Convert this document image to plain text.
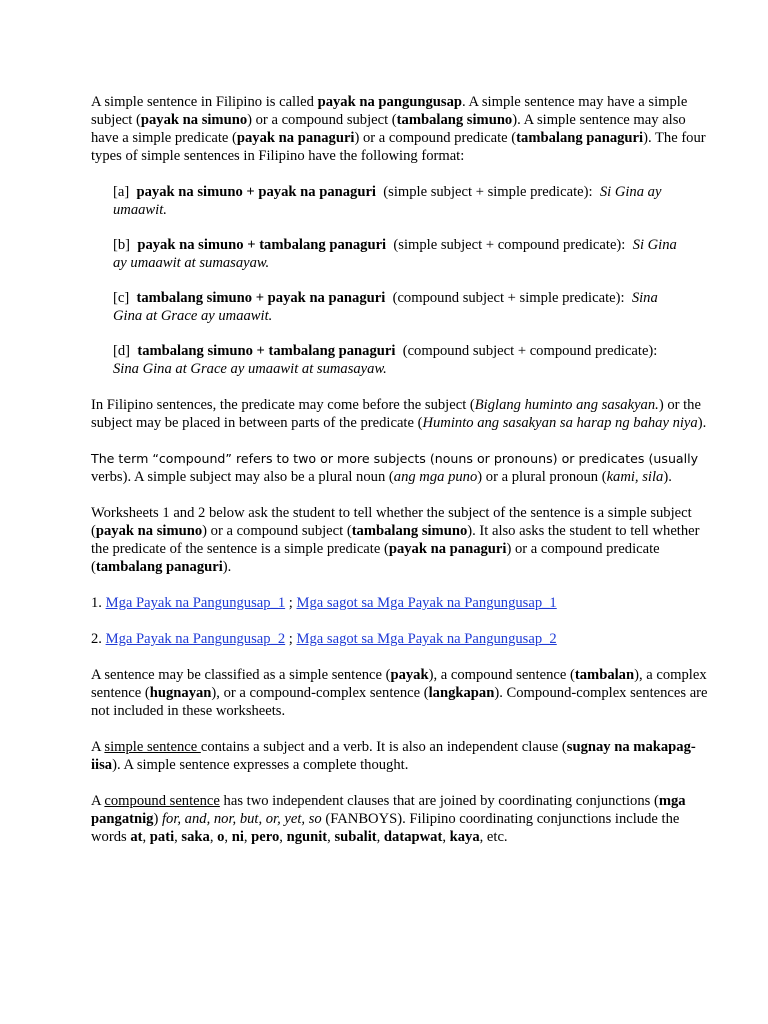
A simple sentence in Filipino is called payak na pangungusap. A simple sentence may have a simple subject (payak na simuno) or a compound subject (tambalang simuno). A simple sentence may also have a simple predicate (payak na panaguri) or a compound predicate (tambalang panaguri). The four types of simple sentences in Filipino have the following format:

[a] payak na simuno + payak na panaguri (simple subject + simple predicate): Si Gina ay umaawit.

[b] payak na simuno + tambalang panaguri (simple subject + compound predicate): Si Gina ay umaawit at sumasayaw.

[c] tambalang simuno + payak na panaguri (compound subject + simple predicate): Sina Gina at Grace ay umaawit.

[d] tambalang simuno + tambalang panaguri (compound subject + compound predicate):  Sina Gina at Grace ay umaawit at sumasayaw.

In Filipino sentences, the predicate may come before the subject (Biglang huminto ang sasakyan.) or the subject may be placed in between parts of the predicate (Huminto ang sasakyan sa harap ng bahay niya).

The term “compound” refers to two or more subjects (nouns or pronouns) or predicates (usually verbs). A simple subject may also be a plural noun (ang mga puno) or a plural pronoun (kami, sila).

Worksheets 1 and 2 below ask the student to tell whether the subject of the sentence is a simple subject (payak na simuno) or a compound subject (tambalang simuno). It also asks the student to tell whether the predicate of the sentence is a simple predicate (payak na panaguri) or a compound predicate (tambalang panaguri).

1. Mga Payak na Pangungusap_1 ; Mga sagot sa Mga Payak na Pangungusap_1

2. Mga Payak na Pangungusap_2 ; Mga sagot sa Mga Payak na Pangungusap_2

A sentence may be classified as a simple sentence (payak), a compound sentence (tambalan), a complex sentence (hugnayan), or a compound-complex sentence (langkapan). Compound-complex sentences are not included in these worksheets.

A simple sentence contains a subject and a verb. It is also an independent clause (sugnay na makapag-iisa). A simple sentence expresses a complete thought.

A compound sentence has two independent clauses that are joined by coordinating conjunctions (mga pangatnig) for, and, nor, but, or, yet, so (FANBOYS). Filipino coordinating conjunctions include the words at, pati, saka, o, ni, pero, ngunit, subalit, datapwat, kaya, etc.
